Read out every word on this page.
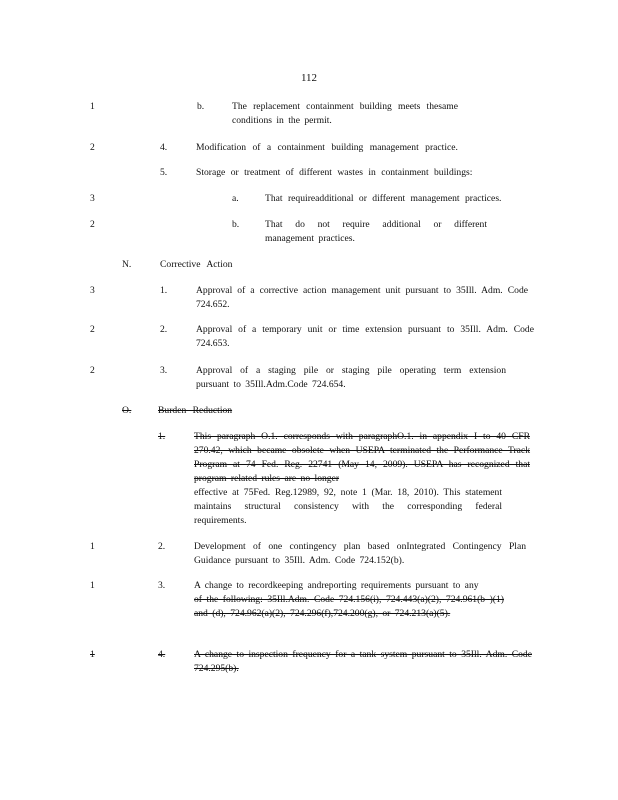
112
1	b.	The replacement containment building meets thesame conditions in the permit.
2	4.	Modification of a containment building management practice.
5.	Storage or treatment of different wastes in containment buildings:
3	a.	That requireadditional or different management practices.
2	b.	That do not require additional or different management practices.
N.	Corrective Action
3	1.	Approval of a corrective action management unit pursuant to 35Ill. Adm. Code 724.652.
2	2.	Approval of a temporary unit or time extension pursuant to 35Ill. Adm. Code 724.653.
2	3.	Approval of a staging pile or staging pile operating term extension pursuant to 35Ill.Adm.Code 724.654.
O.	Burden Reduction
1.	This paragraph O.1. corresponds with paragraphO.1. in appendix I to 40 CFR 270.42, which became obsolete when USEPA terminated the Performance Track Program at 74 Fed. Reg. 22741 (May 14, 2009). USEPA has recognized that program related rules are no longer
effective at 75Fed. Reg.12989, 92, note 1 (Mar. 18, 2010). This statement maintains structural consistency with the corresponding federal requirements.
1	2.	Development of one contingency plan based onIntegrated Contingency Plan Guidance pursuant to 35Ill. Adm. Code 724.152(b).
1	3.	A change to recordkeeping andreporting requirements pursuant to any
of the following: 35Ill.Adm. Code 724.156(i), 724.443(a)(2), 724.961(b )(1) and (d), 724.962(a)(2), 724.296(f),724.200(g), or 724.213(a)(5).
1	4.	A change to inspection frequency for a tank system pursuant to 35Ill. Adm. Code 724.295(b).
